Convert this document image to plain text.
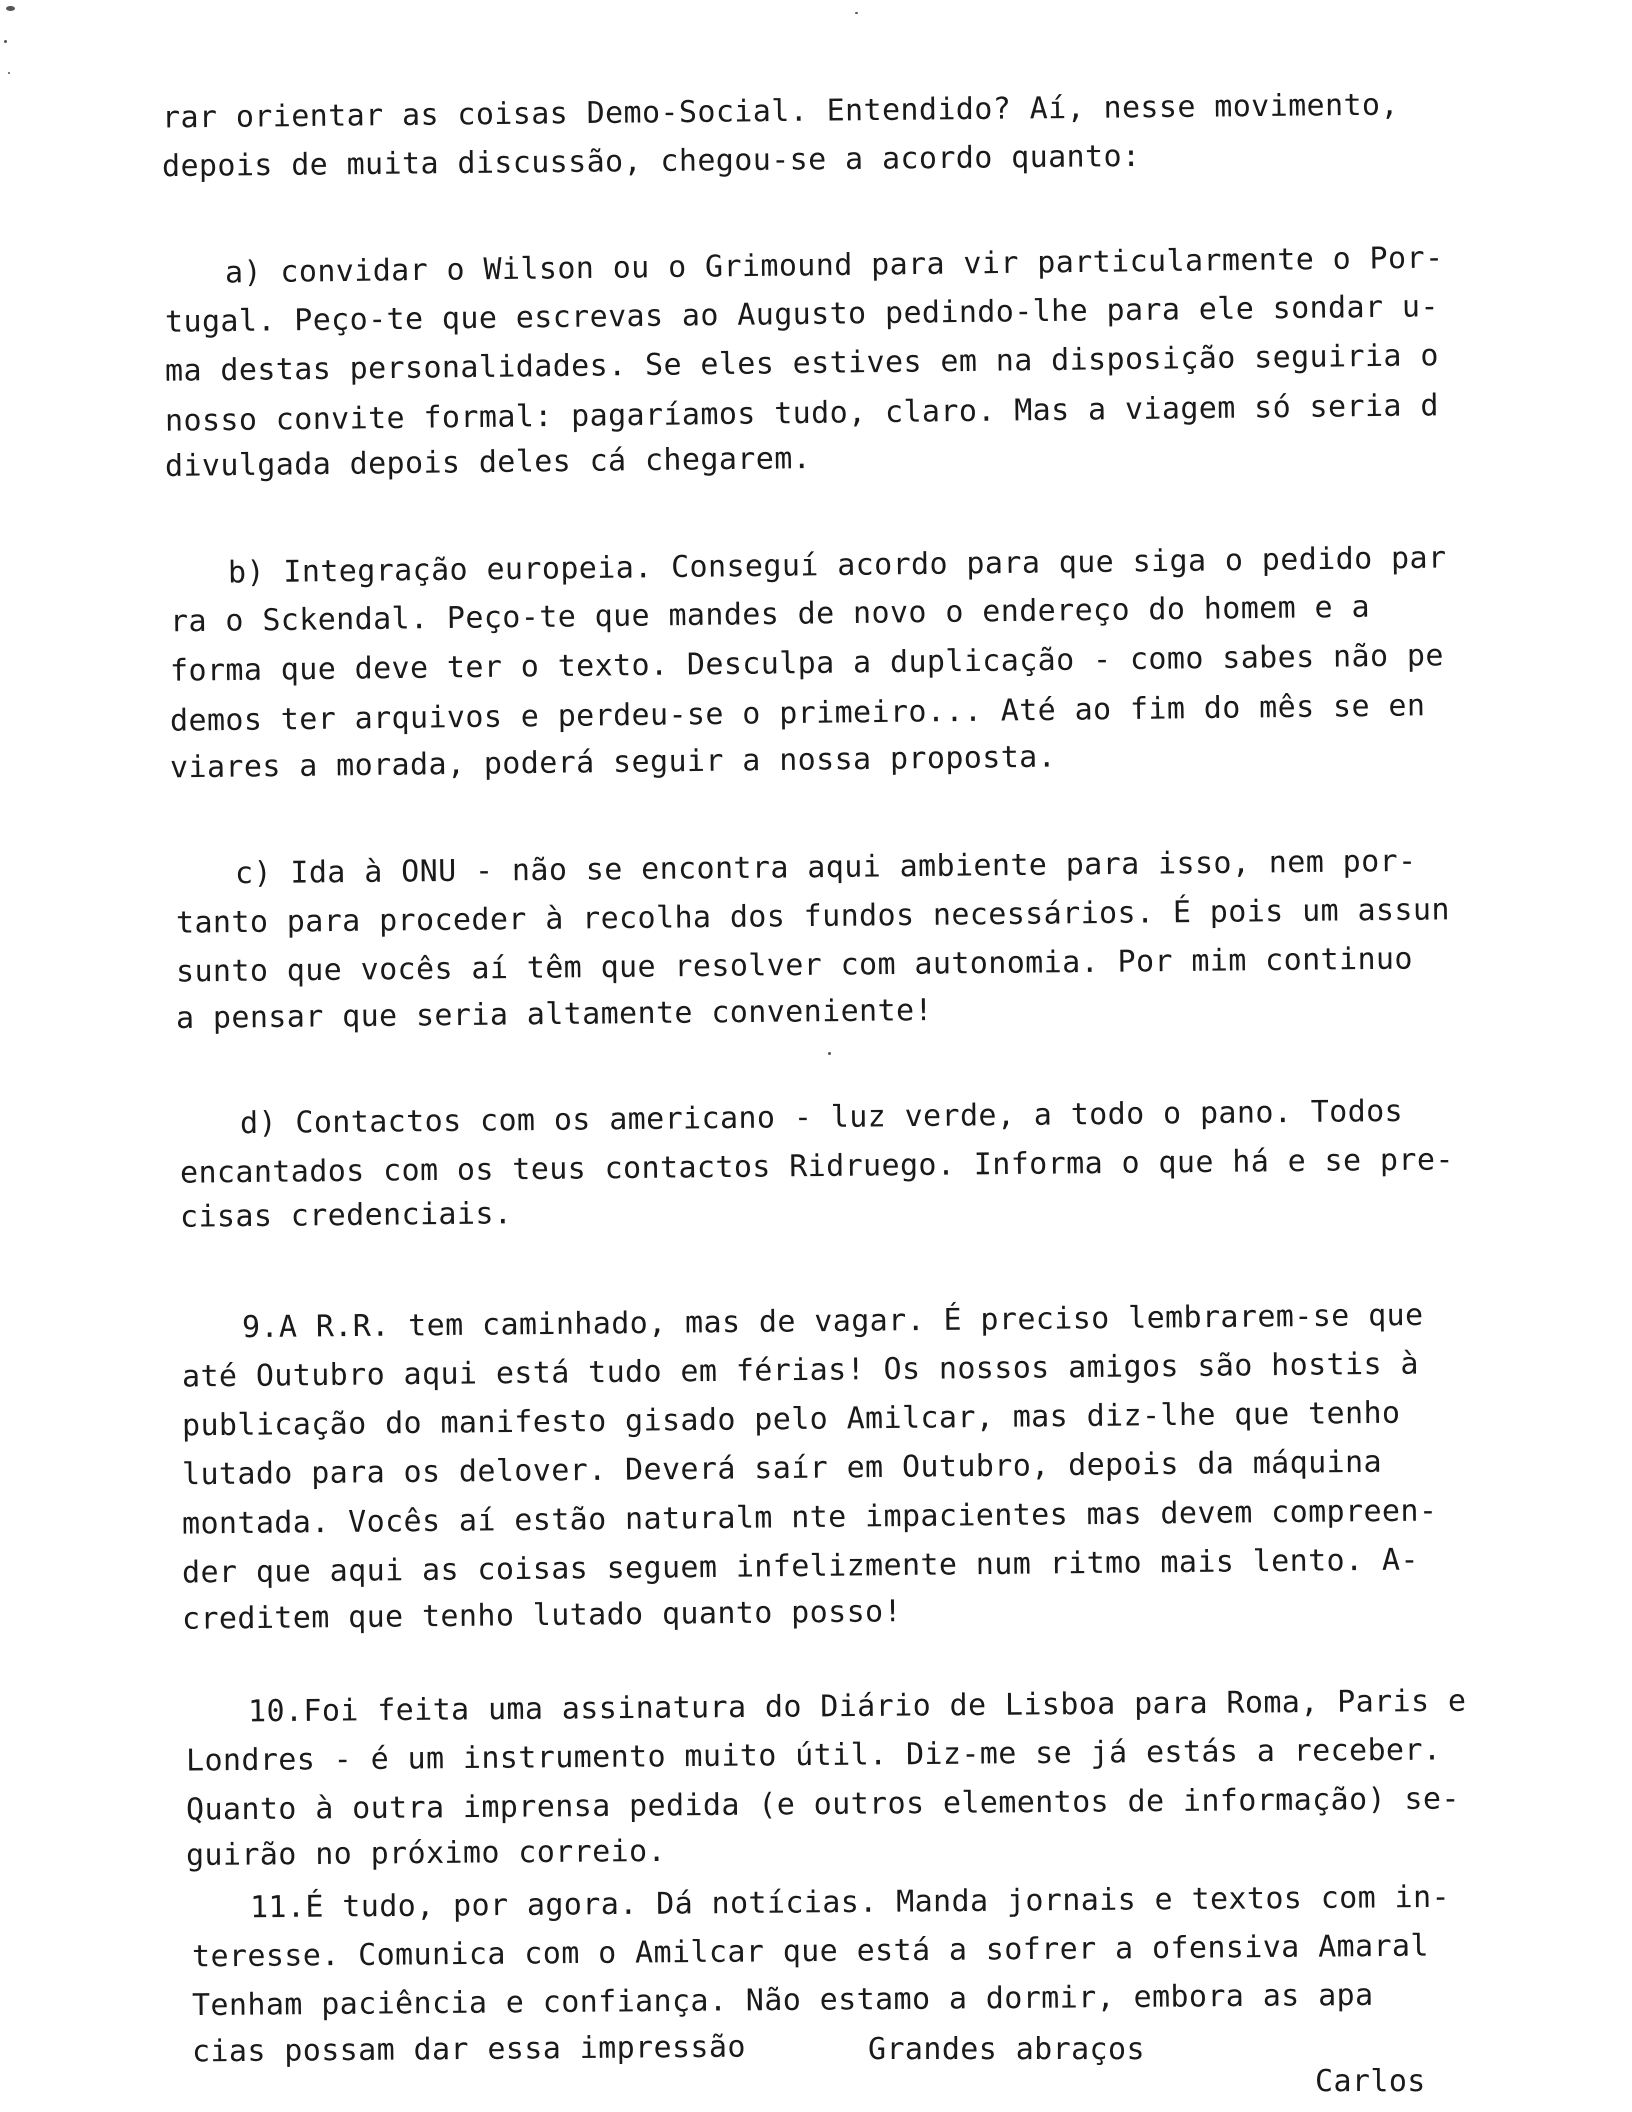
rar orientar as coisas Demo-Social. Entendido? Aí, nesse movimento,
depois de muita discussão, chegou-se a acordo quanto:
a) convidar o Wilson ou o Grimound para vir particularmente o Por-
tugal. Peço-te que escrevas ao Augusto pedindo-lhe para ele sondar u-
ma destas personalidades. Se eles estives em na disposição seguiria o
nosso convite formal: pagaríamos tudo, claro. Mas a viagem só seria d
divulgada depois deles cá chegarem.
b) Integração europeia. Conseguí acordo para que siga o pedido par
ra o Sckendal. Peço-te que mandes de novo o endereço do homem e a
forma que deve ter o texto. Desculpa a duplicação - como sabes não pe
demos ter arquivos e perdeu-se o primeiro... Até ao fim do mês se en
viares a morada, poderá seguir a nossa proposta.
c) Ida à ONU - não se encontra aqui ambiente para isso, nem por-
tanto para proceder à recolha dos fundos necessários. É pois um assun
sunto que vocês aí têm que resolver com autonomia. Por mim continuo
a pensar que seria altamente conveniente!
d) Contactos com os americano - luz verde, a todo o pano. Todos
encantados com os teus contactos Ridruego. Informa o que há e se pre-
cisas credenciais.
9.A R.R. tem caminhado, mas de vagar. É preciso lembrarem-se que
até Outubro aqui está tudo em férias! Os nossos amigos são hostis à
publicação do manifesto gisado pelo Amilcar, mas diz-lhe que tenho
lutado para os delover. Deverá saír em Outubro, depois da máquina
montada. Vocês aí estão naturalm nte impacientes mas devem compreen-
der que aqui as coisas seguem infelizmente num ritmo mais lento. A-
creditem que tenho lutado quanto posso!
10.Foi feita uma assinatura do Diário de Lisboa para Roma, Paris e
Londres - é um instrumento muito útil. Diz-me se já estás a receber.
Quanto à outra imprensa pedida (e outros elementos de informação) se-
guirão no próximo correio.
11.É tudo, por agora. Dá notícias. Manda jornais e textos com in-
teresse. Comunica com o Amilcar que está a sofrer a ofensiva Amaral
Tenham paciência e confiança. Não estamo a dormir, embora as apa
cias possam dar essa impressão	Grandes abraços
Carlos
